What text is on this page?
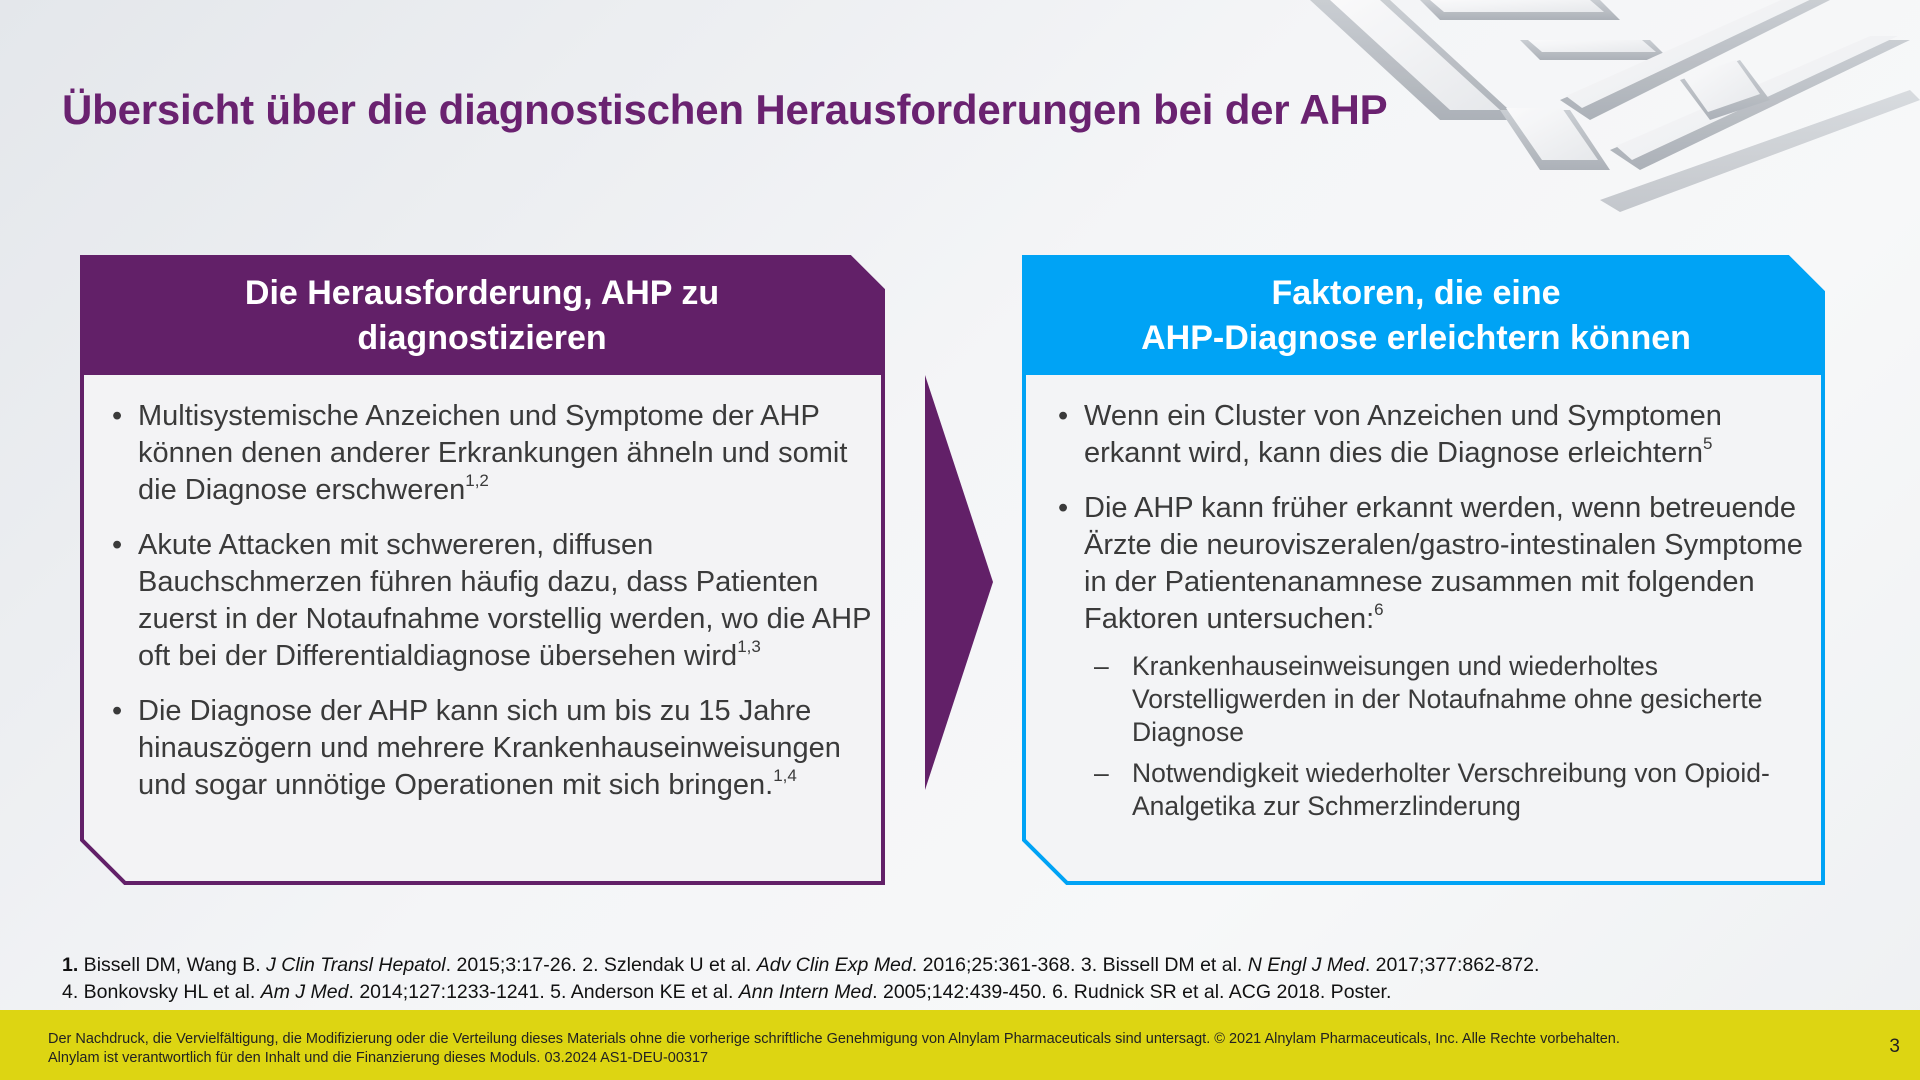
Übersicht über die diagnostischen Herausforderungen bei der AHP
Die Herausforderung, AHP zu
diagnostizieren
• Multisystemische Anzeichen und Symptome der AHP können denen anderer Erkrankungen ähneln und somit die Diagnose erschweren$^{1,2}$
• Akute Attacken mit schwereren, diffusen Bauchschmerzen führen häufig dazu, dass Patienten zuerst in der Notaufnahme vorstellig werden, wo die AHP oft bei der Differentialdiagnose übersehen wird$^{1,3}$
• Die Diagnose der AHP kann sich um bis zu 15 Jahre hinauszögern und mehrere Krankenhauseinweisungen und sogar unnötige Operationen mit sich bringen.$^{1,4}$
Faktoren, die eine
AHP-Diagnose erleichtern können
• Wenn ein Cluster von Anzeichen und Symptomen erkannt wird, kann dies die Diagnose erleichtern$^5$
• Die AHP kann früher erkannt werden, wenn betreuende Ärzte die neuroviszeralen/gastro-intestinalen Symptome in der Patientenanamnese zusammen mit folgenden Faktoren untersuchen:$^6$
– Krankenhauseinweisungen und wiederholtes Vorstelligwerden in der Notaufnahme ohne gesicherte Diagnose
– Notwendigkeit wiederholter Verschreibung von Opioid-Analgetika zur Schmerzlinderung
1. Bissell DM, Wang B. J Clin Transl Hepatol. 2015;3:17-26. 2. Szlendak U et al. Adv Clin Exp Med. 2016;25:361-368. 3. Bissell DM et al. N Engl J Med. 2017;377:862-872.
4. Bonkovsky HL et al. Am J Med. 2014;127:1233-1241. 5. Anderson KE et al. Ann Intern Med. 2005;142:439-450. 6. Rudnick SR et al. ACG 2018. Poster.
Der Nachdruck, die Vervielfältigung, die Modifizierung oder die Verteilung dieses Materials ohne die vorherige schriftliche Genehmigung von Alnylam Pharmaceuticals sind untersagt. © 2021 Alnylam Pharmaceuticals, Inc. Alle Rechte vorbehalten.
Alnylam ist verantwortlich für den Inhalt und die Finanzierung dieses Moduls. 03.2024 AS1-DEU-00317
3
